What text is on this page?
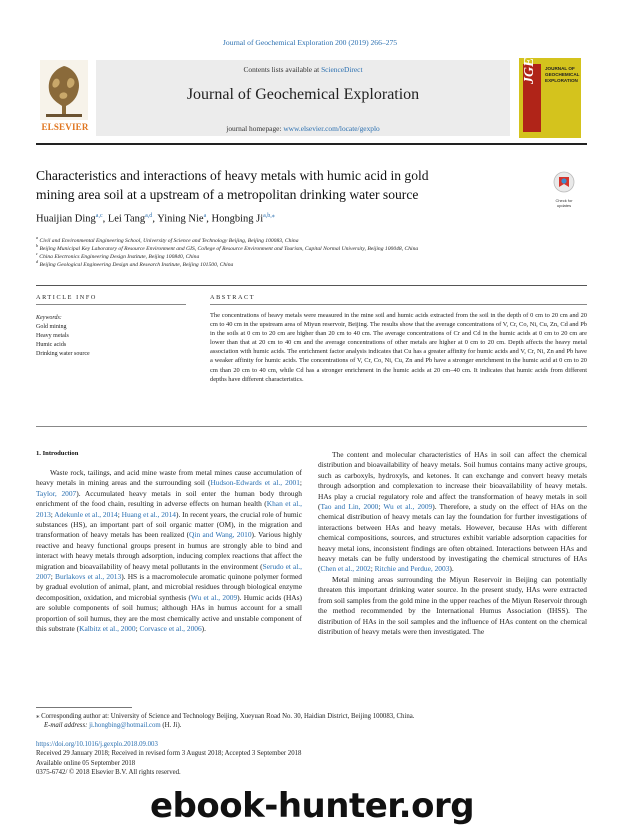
Journal of Geochemical Exploration 200 (2019) 266–275
Contents lists available at ScienceDirect
Journal of Geochemical Exploration
journal homepage: www.elsevier.com/locate/gexplo
ELSEVIER
JGE JOURNAL OF
GEOCHEMICAL
EXPLORATION
Characteristics and interactions of heavy metals with humic acid in gold
mining area soil at a upstream of a metropolitan drinking water source	Check for
updates
Huaijian Ding$^{a,c}$, Lei Tang$^{a,d}$, Yining Nie$^a$, Hongbing $Ji^{a,b,⁎}$
$^a$ Civil and Environmental Engineering School, University of Science and Technology Beijing, Beijing 100083, China
$^b$ Beijing Municipal Key Laboratory of Resource Environment and GIS, College of Resource Environment and Tourism, Capital Normal University, Beijing 100048, China
$^c$ China Electronics Engineering Design Institute, Beijing 100840, China
$^d$ Beijing Geological Engineering Design and Research Institute, Beijing 101500, China
ARTICLE INFO
Keywords:
Gold mining
Heavy metals
Humic acids
Drinking water source
ABSTRACT
The concentrations of heavy metals were measured in the mine soil and humic acids extracted from the soil in the depth of 0 cm to 20 cm and 20 cm to 40 cm in the upstream area of Miyun reservoir, Beijing. The results show that the average concentrations of V, Cr, Co, Ni, Cu, Zn, Cd and Pb in the soils at 0 cm to 20 cm are higher than 20 cm to 40 cm. The average concentrations of Cr and Cd in the humic acids at 0 cm to 20 cm are lower than that at 20 cm to 40 cm and the average concentrations of other metals are higher at 0 cm to 20 cm. Depth affects the heavy metal association with humic acids. The enrichment factor analysis indicates that Cu has a greater affinity for humic acids and V, Cr, Ni, Zn and Pb have a weaker affinity for humic acids. The concentrations of V, Cr, Co, Ni, Cu, Zn and Pb have a stronger enrichment in the humic acid at 0 cm to 20 cm than 20 cm to 40 cm, while Cd has a stronger enrichment in the humic acids at 20 cm–40 cm. It indicates that humic acids from different depths have different characteristics.
1. Introduction

Waste rock, tailings, and acid mine waste from metal mines cause accumulation of heavy metals in mining areas and the surrounding soil (Hudson-Edwards et al., 2001; Taylor, 2007). Accumulated heavy metals in soil enter the human body through enrichment of the food chain, resulting in adverse effects on human health (Khan et al., 2013; Adekunle et al., 2014; Huang et al., 2014). In recent years, the crucial role of humic substances (HS), an important part of soil organic matter (OM), in the migration and transformation of heavy metals has been realized (Qin and Wang, 2010). Various highly reactive and heavy functional groups present in humus are strongly able to bind and interact with heavy metals through adsorption, inducing complex reactions that affect the migration and bioavailability of heavy metal pollutants in the environment (Serudo et al., 2007; Burlakovs et al., 2013). HS is a macromolecule aromatic quinone polymer formed by gradual evolution of animal, plant, and microbial residues through biological enzyme decomposition, oxidation, and microbial synthesis (Wu et al., 2009). Humic acids (HAs) are soluble components of soil humus; although HAs in humus account for a small proportion of soil humus, they are the most chemically active and unstable component of this substrate (Kalbitz et al., 2000; Corvasce et al., 2006).

The content and molecular characteristics of HAs in soil can affect the chemical distribution and bioavailability of heavy metals. Soil humus contains many active groups, such as carboxyls, hydroxyls, and ketones. It can exchange and convert heavy metals through adsorption and complexation to increase their bioavailability of heavy metals. HAs play a crucial regulatory role and affect the transformation of heavy metals in soil (Tao and Lin, 2000; Wu et al., 2009). Therefore, a study on the effect of HAs on the chemical distribution of heavy metals can lay the foundation for further investigations of interactions between HAs and heavy metals. However, because HAs with different chemical compositions, sources, and structures exhibit variable adsorption capacities for heavy metal ions, inconsistent findings are often obtained. Interactions between HAs and heavy metals can be fully understood by investigating the chemical structures of HAs (Chen et al., 2002; Ritchie and Perdue, 2003).

Metal mining areas surrounding the Miyun Reservoir in Beijing can potentially threaten this important drinking water source. In the present study, HAs were extracted from soil samples from the gold mine in the upper reaches of the Miyun Reservoir through the method recommended by the International Humus Association (IHSS). The distribution of HAs in the soil samples and the influence of HAs content on the chemical distribution of heavy metals were then investigated. The

⁎ Corresponding author at: University of Science and Technology Beijing, Xueyuan Road No. 30, Haidian District, Beijing 100083, China.
E-mail address: ji.hongbing@hotmail.com (H. Ji).
https://doi.org/10.1016/j.gexplo.2018.09.003
Received 29 January 2018; Received in revised form 3 August 2018; Accepted 3 September 2018
Available online 05 September 2018
0375-6742/ © 2018 Elsevier B.V. All rights reserved.
ebook-hunter.org
